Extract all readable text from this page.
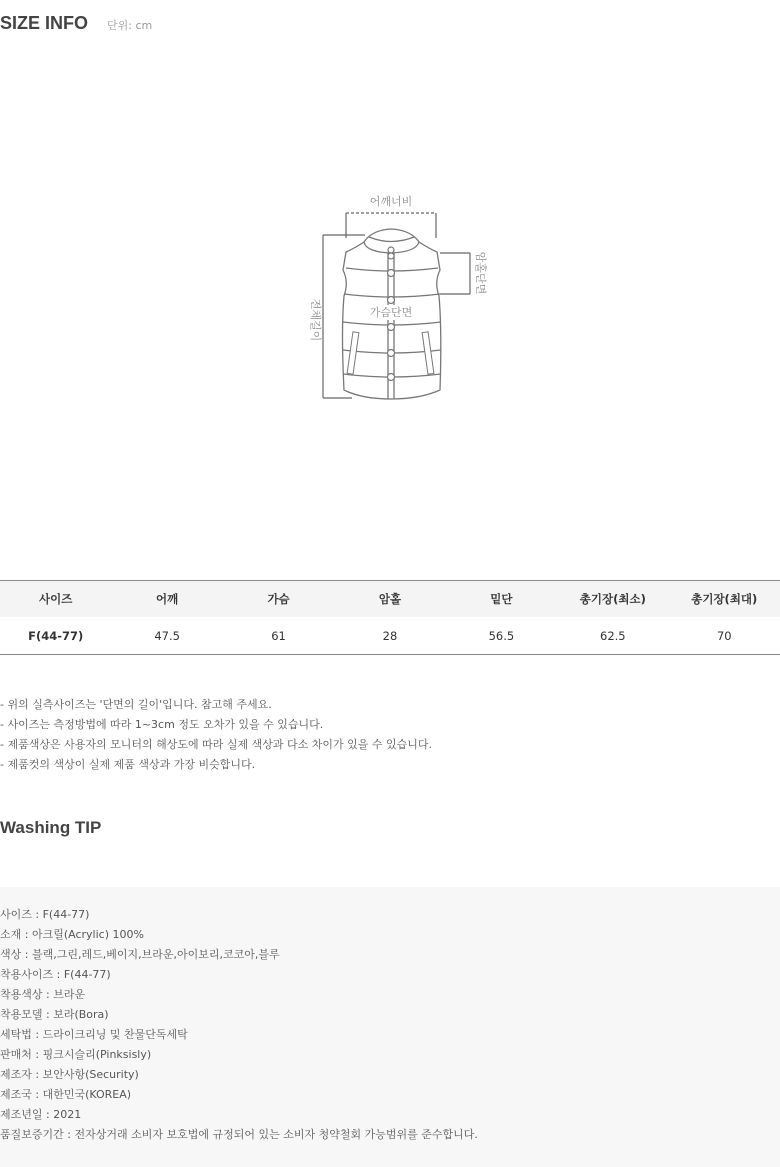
SIZE INFO 단위: cm
어깨너비
가슴단면
암홀단면
전체길이
사이즈	어깨	가슴	암홀	밑단	총기장(최소)	총기장(최대)
F(44-77)	47.5	61	28	56.5	62.5	70
- 위의 실측사이즈는 '단면의 길이'입니다. 참고해 주세요.
- 사이즈는 측정방법에 따라 1~3cm 정도 오차가 있을 수 있습니다.
- 제품색상은 사용자의 모니터의 해상도에 따라 실제 색상과 다소 차이가 있을 수 있습니다.
- 제품컷의 색상이 실제 제품 색상과 가장 비슷합니다.
Washing TIP
사이즈 : F(44-77)
소재 : 아크릴(Acrylic) 100%
색상 : 블랙,그린,레드,베이지,브라운,아이보리,코코아,블루
착용사이즈 : F(44-77)
착용색상 : 브라운
착용모델 : 보라(Bora)
세탁법 : 드라이크리닝 및 찬물단독세탁
판매처 : 핑크시슬리(Pinksisly)
제조자 : 보안사항(Security)
제조국 : 대한민국(KOREA)
제조년일 : 2021
품질보증기간 : 전자상거래 소비자 보호법에 규정되어 있는 소비자 청약철회 가능범위를 준수합니다.
